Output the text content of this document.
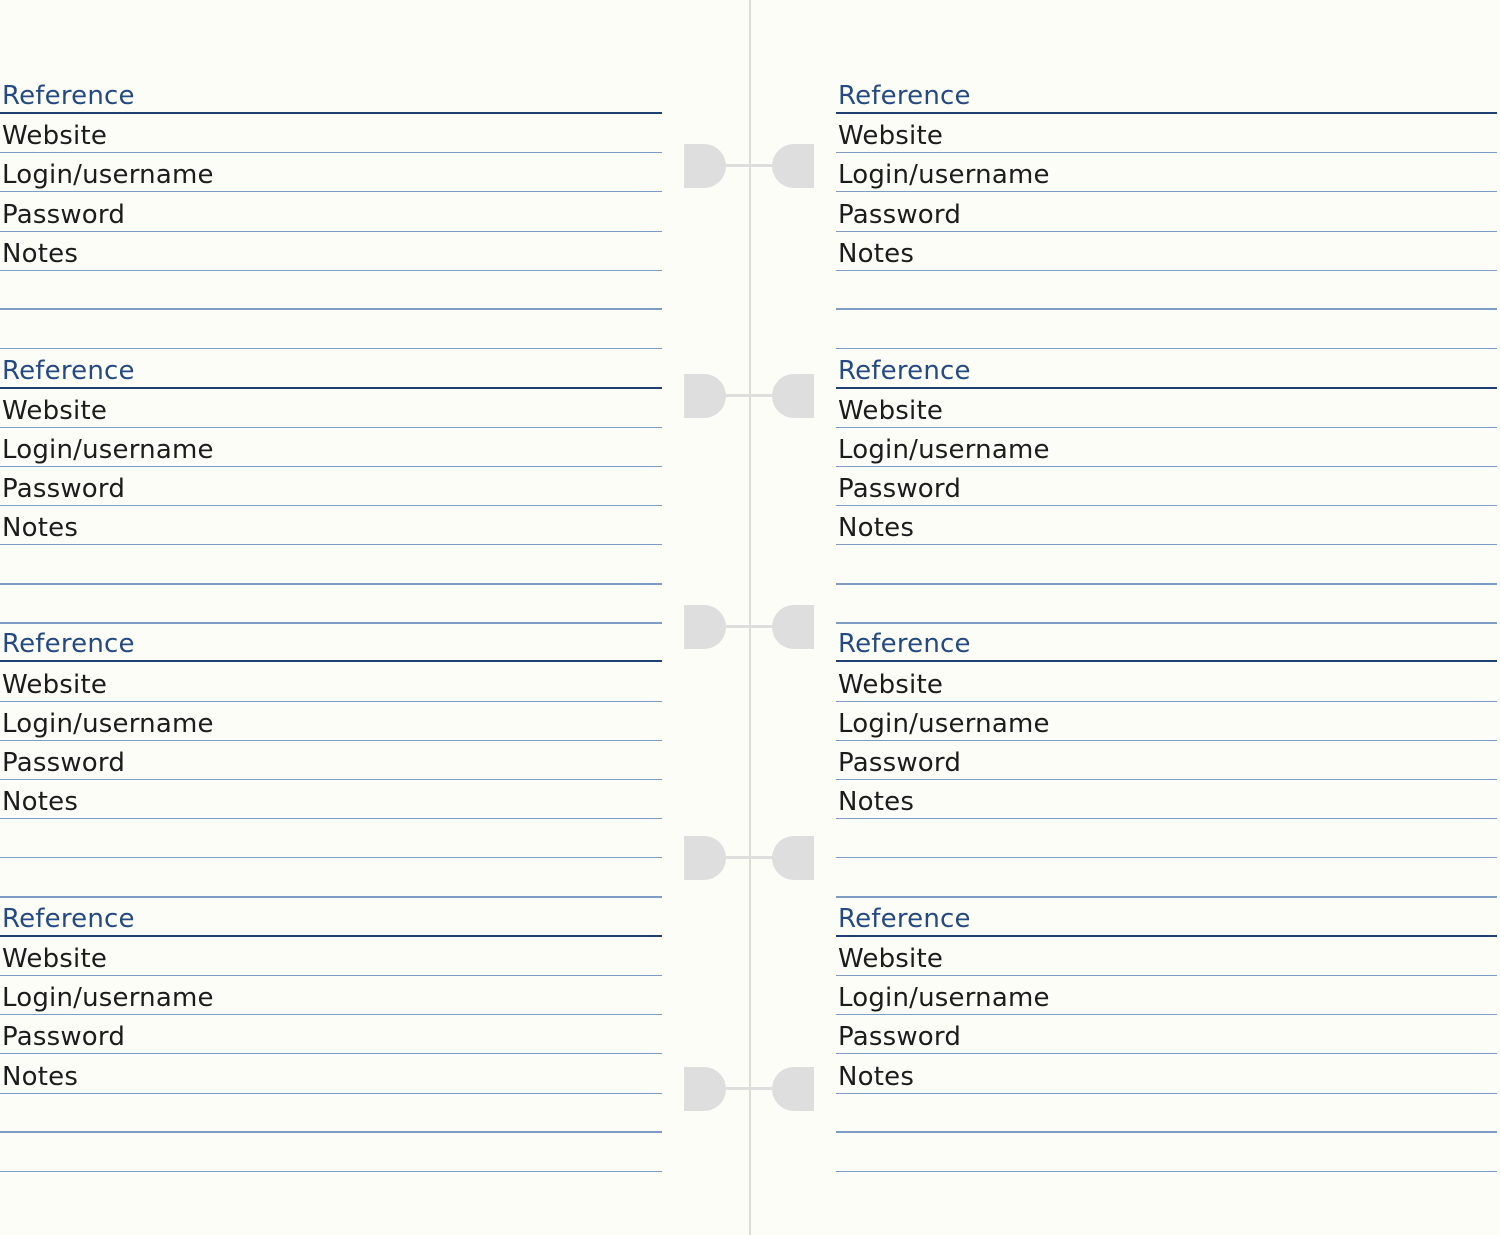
Reference
Website
Login/username
Password
Notes
Reference
Website
Login/username
Password
Notes
Reference
Website
Login/username
Password
Notes
Reference
Website
Login/username
Password
Notes
Reference
Website
Login/username
Password
Notes
Reference
Website
Login/username
Password
Notes
Reference
Website
Login/username
Password
Notes
Reference
Website
Login/username
Password
Notes
